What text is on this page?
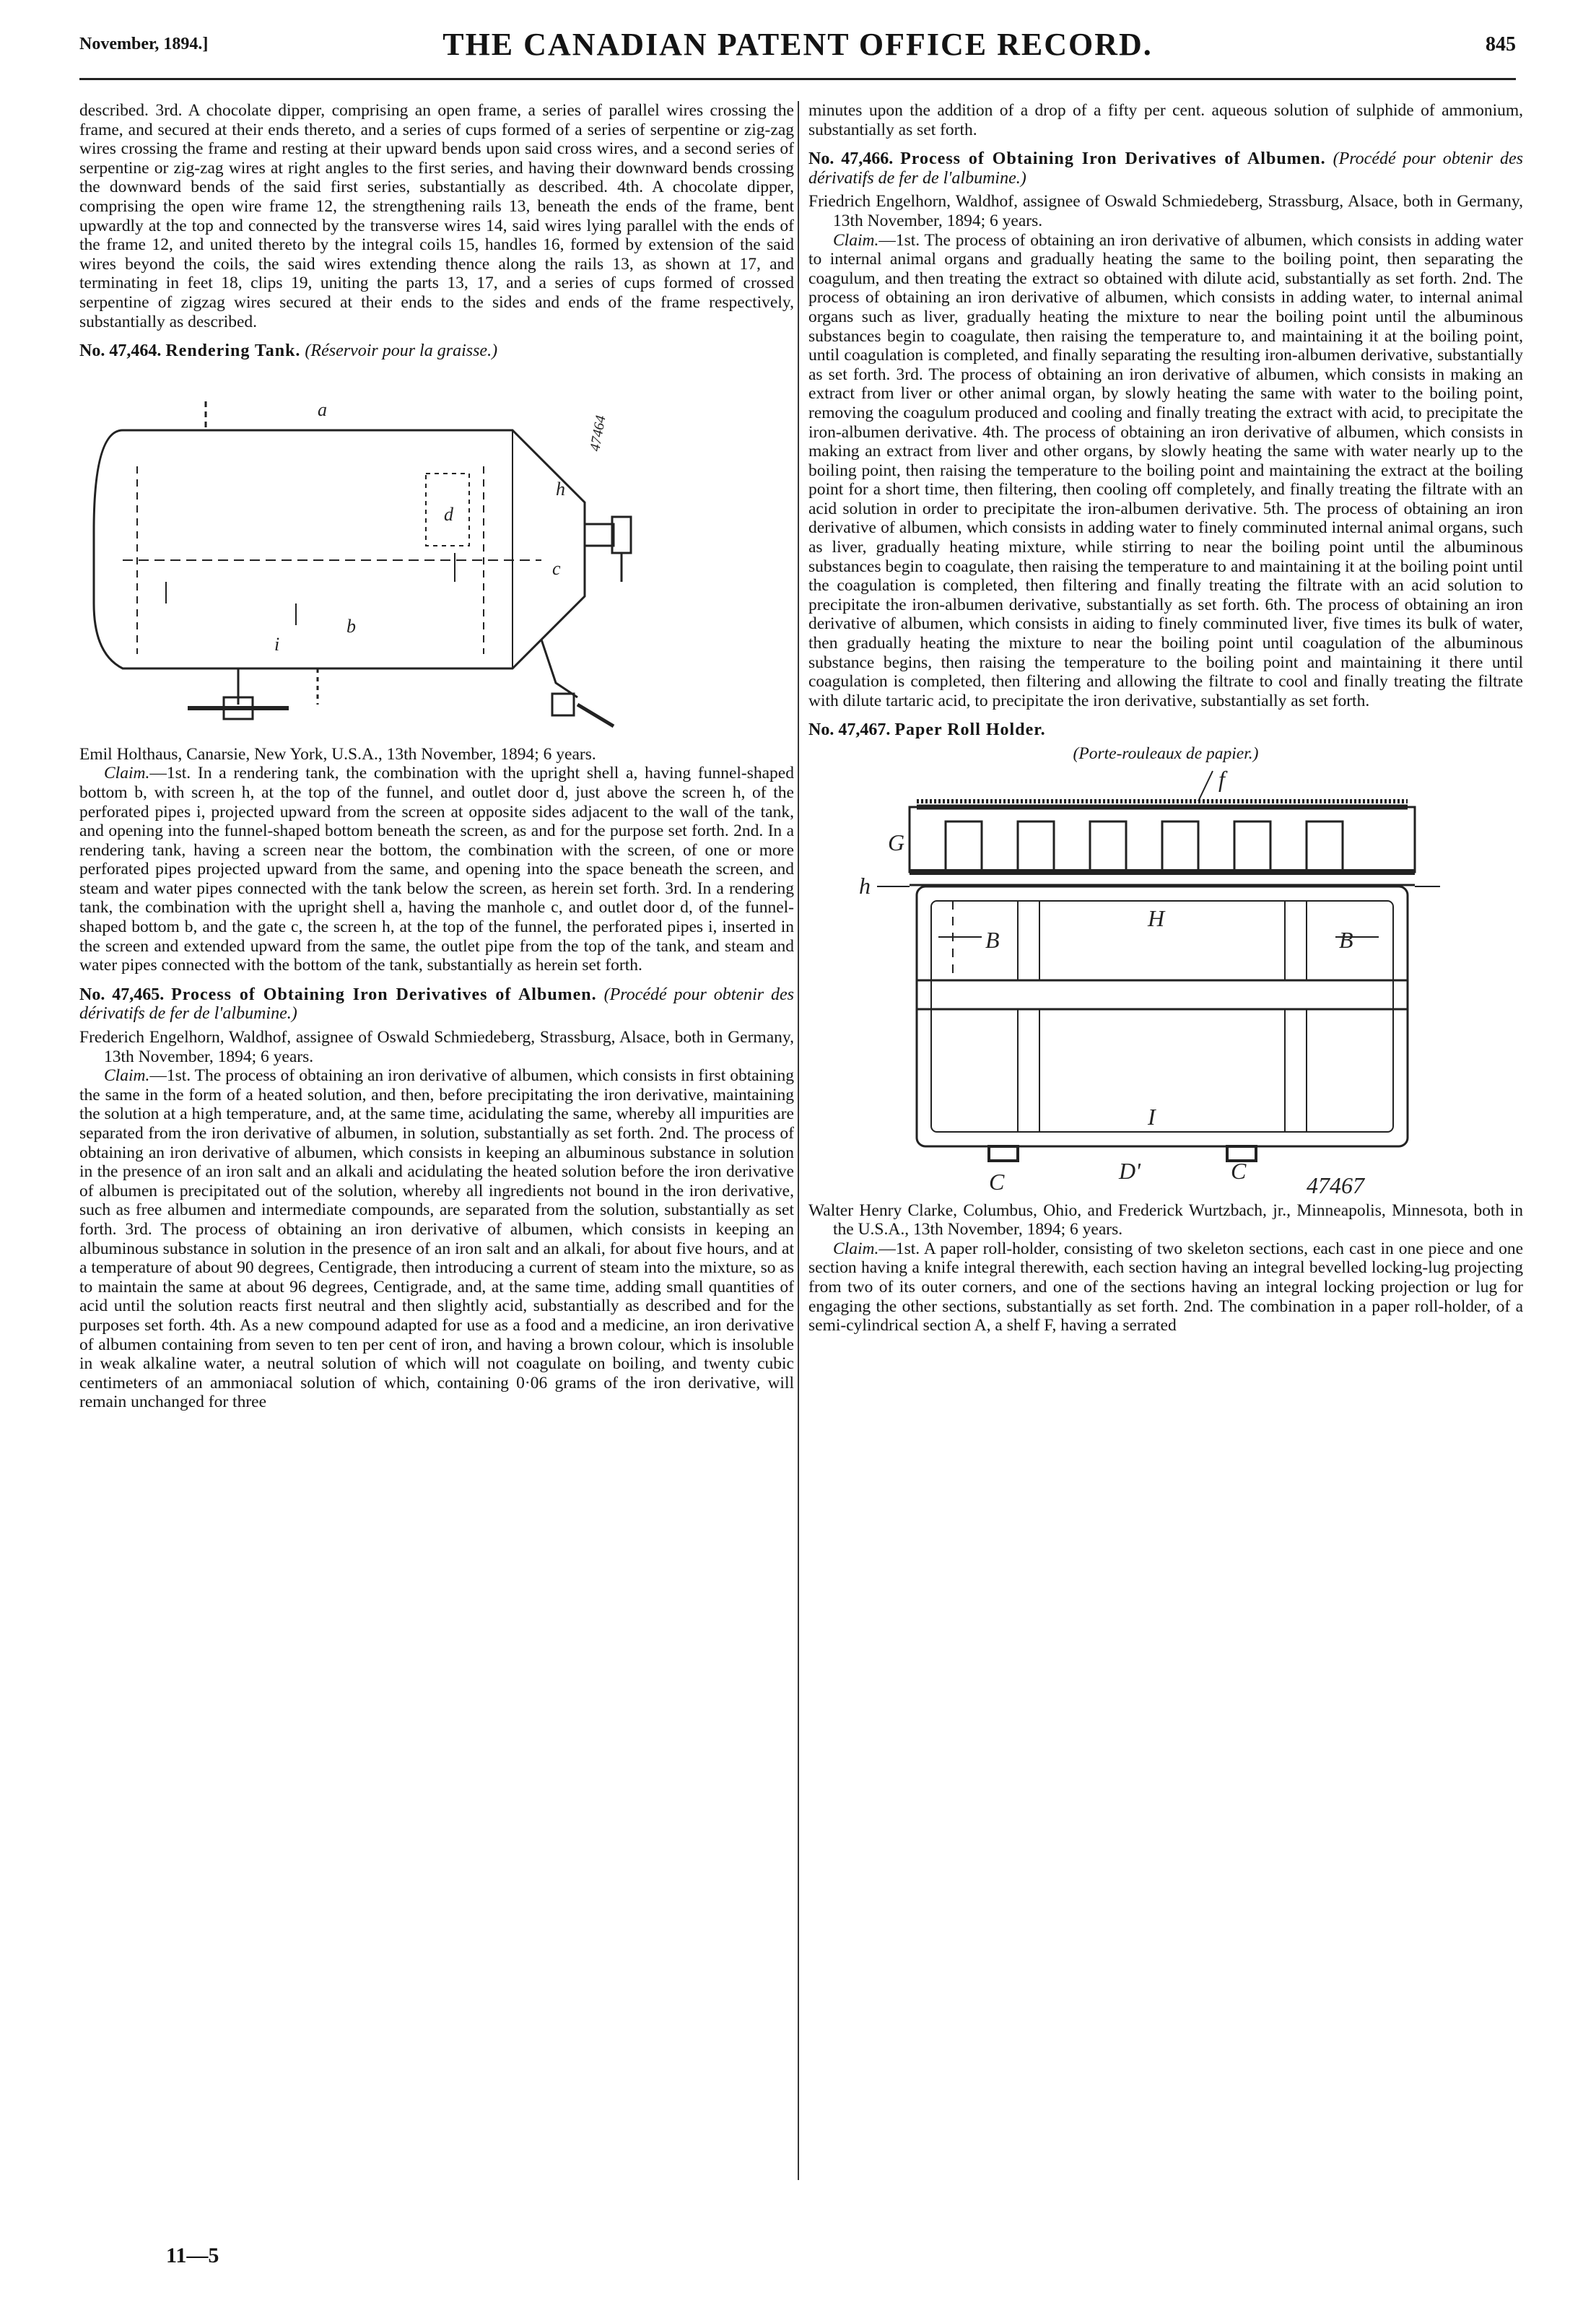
November, 1894.]	THE CANADIAN PATENT OFFICE RECORD.	845

described. 3rd. A chocolate dipper, comprising an open frame, a series of parallel wires crossing the frame, and secured at their ends thereto, and a series of cups formed of a series of serpentine or zig-zag wires crossing the frame and resting at their upward bends upon said cross wires, and a second series of serpentine or zig-zag wires at right angles to the first series, and having their downward bends crossing the downward bends of the said first series, substantially as described. 4th. A chocolate dipper, comprising the open wire frame 12, the strengthening rails 13, beneath the ends of the frame, bent upwardly at the top and connected by the transverse wires 14, said wires lying parallel with the ends of the frame 12, and united thereto by the integral coils 15, handles 16, formed by extension of the said wires beyond the coils, the said wires extending thence along the rails 13, as shown at 17, and terminating in feet 18, clips 19, uniting the parts 13, 17, and a series of cups formed of crossed serpentine of zigzag wires secured at their ends to the sides and ends of the frame respectively, substantially as described.

No. 47,464. Rendering Tank. (Réservoir pour la graisse.)

a
b
c
d
h
i
47464

Emil Holthaus, Canarsie, New York, U.S.A., 13th November, 1894; 6 years.

Claim.—1st. In a rendering tank, the combination with the upright shell a, having funnel-shaped bottom b, with screen h, at the top of the funnel, and outlet door d, just above the screen h, of the perforated pipes i, projected upward from the screen at opposite sides adjacent to the wall of the tank, and opening into the funnel-shaped bottom beneath the screen, as and for the purpose set forth. 2nd. In a rendering tank, having a screen near the bottom, the combination with the screen, of one or more perforated pipes projected upward from the same, and opening into the space beneath the screen, and steam and water pipes connected with the tank below the screen, as herein set forth. 3rd. In a rendering tank, the combination with the upright shell a, having the manhole c, and outlet door d, of the funnel-shaped bottom b, and the gate c, the screen h, at the top of the funnel, the perforated pipes i, inserted in the screen and extended upward from the same, the outlet pipe from the top of the tank, and steam and water pipes connected with the bottom of the tank, substantially as herein set forth.

No. 47,465. Process of Obtaining Iron Derivatives of Albumen. (Procédé pour obtenir des dérivatifs de fer de l'albumine.)

Frederich Engelhorn, Waldhof, assignee of Oswald Schmiedeberg, Strassburg, Alsace, both in Germany, 13th November, 1894; 6 years.

Claim.—1st. The process of obtaining an iron derivative of albumen, which consists in first obtaining the same in the form of a heated solution, and then, before precipitating the iron derivative, maintaining the solution at a high temperature, and, at the same time, acidulating the same, whereby all impurities are separated from the iron derivative of albumen, in solution, substantially as set forth. 2nd. The process of obtaining an iron derivative of albumen, which consists in keeping an albuminous substance in solution in the presence of an iron salt and an alkali and acidulating the heated solution before the iron derivative of albumen is precipitated out of the solution, whereby all ingredients not bound in the iron derivative, such as free albumen and intermediate compounds, are separated from the solution, substantially as set forth. 3rd. The process of obtaining an iron derivative of albumen, which consists in keeping an albuminous substance in solution in the presence of an iron salt and an alkali, for about five hours, and at a temperature of about 90 degrees, Centigrade, then introducing a current of steam into the mixture, so as to maintain the same at about 96 degrees, Centigrade, and, at the same time, adding small quantities of acid until the solution reacts first neutral and then slightly acid, substantially as described and for the purposes set forth. 4th. As a new compound adapted for use as a food and a medicine, an iron derivative of albumen containing from seven to ten per cent of iron, and having a brown colour, which is insoluble in weak alkaline water, a neutral solution of which will not coagulate on boiling, and twenty cubic centimeters of an ammoniacal solution of which, containing 0·06 grams of the iron derivative, will remain unchanged for three

11—5

minutes upon the addition of a drop of a fifty per cent. aqueous solution of sulphide of ammonium, substantially as set forth.

No. 47,466. Process of Obtaining Iron Derivatives of Albumen. (Procédé pour obtenir des dérivatifs de fer de l'albumine.)

Friedrich Engelhorn, Waldhof, assignee of Oswald Schmiedeberg, Strassburg, Alsace, both in Germany, 13th November, 1894; 6 years.

Claim.—1st. The process of obtaining an iron derivative of albumen, which consists in adding water to internal animal organs and gradually heating the same to the boiling point, then separating the coagulum, and then treating the extract so obtained with dilute acid, substantially as set forth. 2nd. The process of obtaining an iron derivative of albumen, which consists in adding water, to internal animal organs such as liver, gradually heating the mixture to near the boiling point until the albuminous substances begin to coagulate, then raising the temperature to, and maintaining it at the boiling point, until coagulation is completed, and finally separating the resulting iron-albumen derivative, substantially as set forth. 3rd. The process of obtaining an iron derivative of albumen, which consists in making an extract from liver or other animal organ, by slowly heating the same with water to the boiling point, removing the coagulum produced and cooling and finally treating the extract with acid, to precipitate the iron-albumen derivative. 4th. The process of obtaining an iron derivative of albumen, which consists in making an extract from liver and other organs, by slowly heating the same with water nearly up to the boiling point, then raising the temperature to the boiling point and maintaining the extract at the boiling point for a short time, then filtering, then cooling off completely, and finally treating the filtrate with an acid solution in order to precipitate the iron-albumen derivative. 5th. The process of obtaining an iron derivative of albumen, which consists in adding water to finely comminuted internal animal organs, such as liver, gradually heating mixture, while stirring to near the boiling point until the albuminous substances begin to coagulate, then raising the temperature to and maintaining it at the boiling point until the coagulation is completed, then filtering and finally treating the filtrate with an acid solution to precipitate the iron-albumen derivative, substantially as set forth. 6th. The process of obtaining an iron derivative of albumen, which consists in aiding to finely comminuted liver, five times its bulk of water, then gradually heating the mixture to near the boiling point until coagulation of the albuminous substance begins, then raising the temperature to the boiling point and maintaining it there until coagulation is completed, then filtering and allowing the filtrate to cool and finally treating the filtrate with dilute tartaric acid, to precipitate the iron derivative, substantially as set forth.

No. 47,467. Paper Roll Holder.

(Porte-rouleaux de papier.)

f
G
h
H
B	B
I
C	C
D'
47467

Walter Henry Clarke, Columbus, Ohio, and Frederick Wurtzbach, jr., Minneapolis, Minnesota, both in the U.S.A., 13th November, 1894; 6 years.

Claim.—1st. A paper roll-holder, consisting of two skeleton sections, each cast in one piece and one section having a knife integral therewith, each section having an integral bevelled locking-lug projecting from two of its outer corners, and one of the sections having an integral locking projection or lug for engaging the other sections, substantially as set forth. 2nd. The combination in a paper roll-holder, of a semi-cylindrical section A, a shelf F, having a serrated
